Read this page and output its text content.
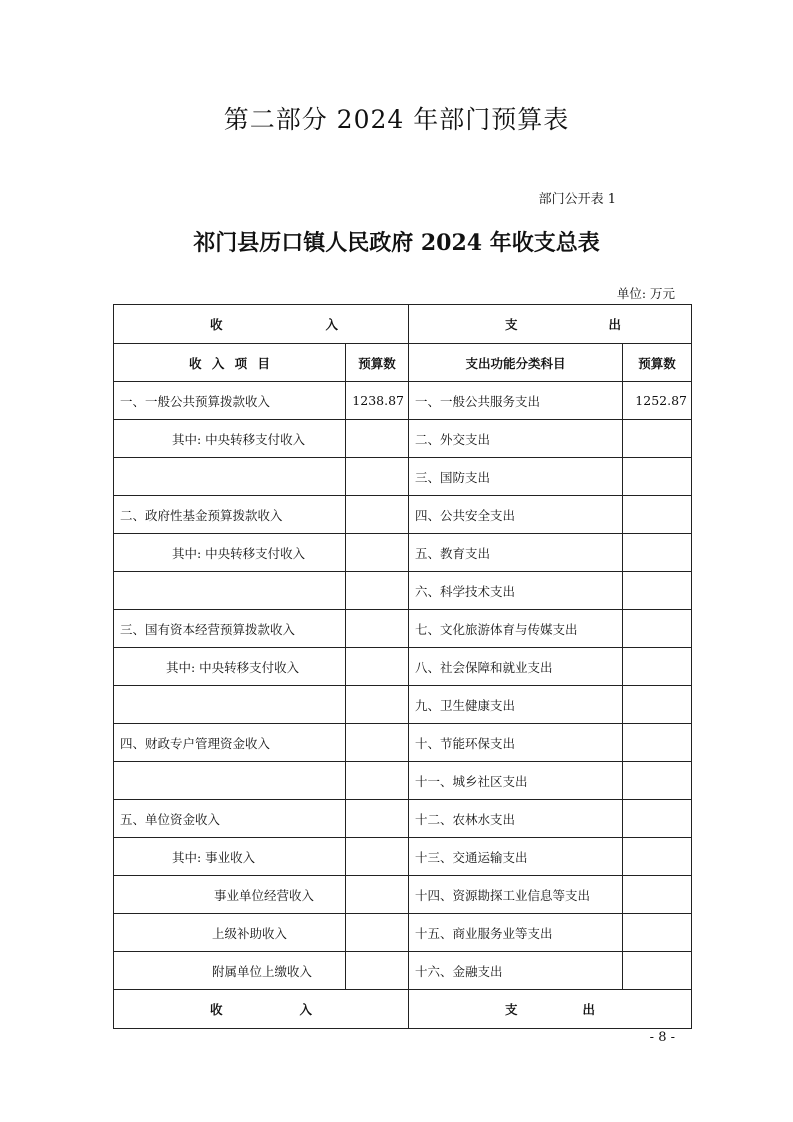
第二部分 2024 年部门预算表
部门公开表 1
祁门县历口镇人民政府 2024 年收支总表
单位: 万元
收 入		支 出	

收 入 项 目	预算数	支出功能分类科目	预算数
一、一般公共预算拨款收入	1238.87	一、一般公共服务支出	1252.87
其中: 中央转移支付收入		二、外交支出	
		三、国防支出	
二、政府性基金预算拨款收入		四、公共安全支出	
其中: 中央转移支付收入		五、教育支出	
		六、科学技术支出	
三、国有资本经营预算拨款收入		七、文化旅游体育与传媒支出	
其中: 中央转移支付收入		八、社会保障和就业支出	
		九、卫生健康支出	
四、财政专户管理资金收入		十、节能环保支出	
		十一、城乡社区支出	
五、单位资金收入		十二、农林水支出	
其中: 事业收入		十三、交通运输支出	
事业单位经营收入		十四、资源勘探工业信息等支出	
上级补助收入		十五、商业服务业等支出	
附属单位上缴收入		十六、金融支出	

收 入		支 出	
- 8 -
